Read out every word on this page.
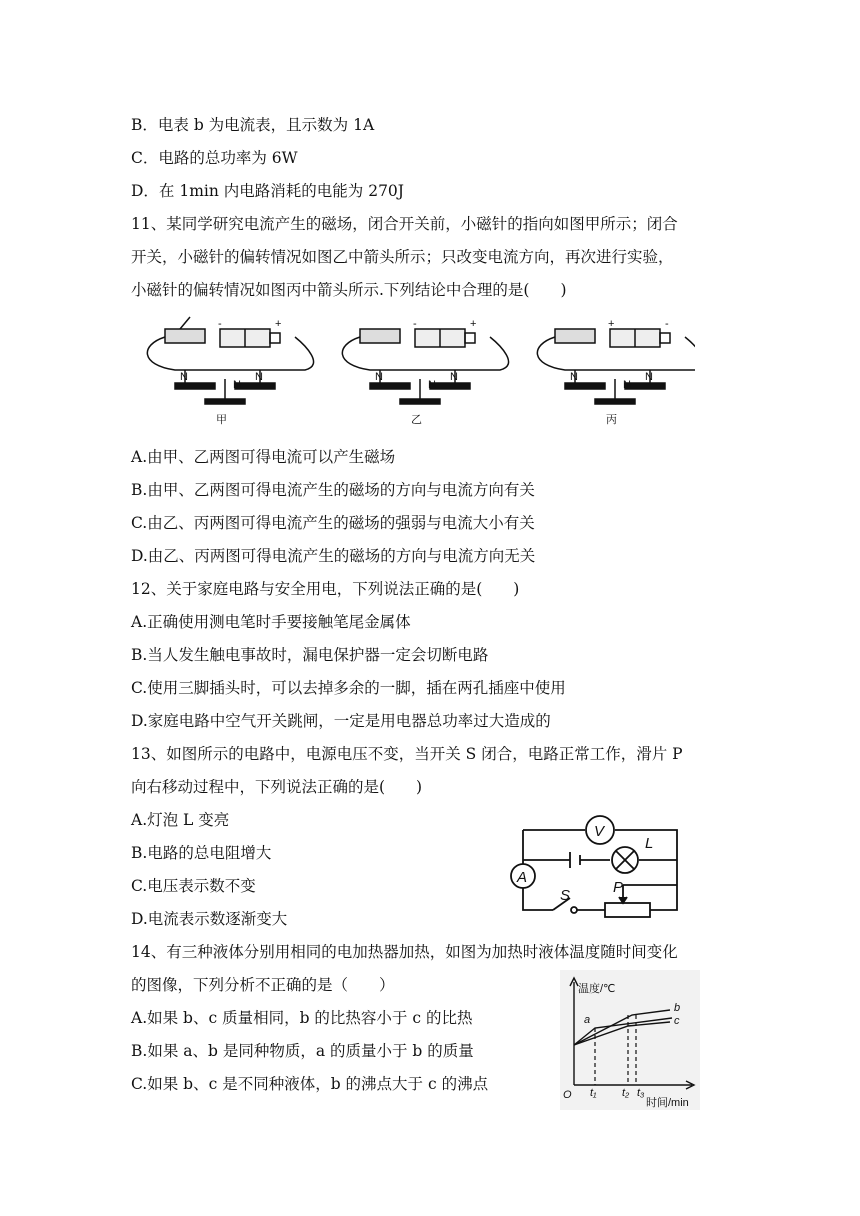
B．电表 b 为电流表，且示数为 1A
C．电路的总功率为 6W
D．在 1min 内电路消耗的电能为 270J
11、某同学研究电流产生的磁场，闭合开关前，小磁针的指向如图甲所示；闭合
开关，小磁针的偏转情况如图乙中箭头所示；只改变电流方向，再次进行实验，
小磁针的偏转情况如图丙中箭头所示.下列结论中合理的是(　　)
-	+
N	N
N
-	+
N	N
N
+	-
N	N
N
甲	乙	丙
A.由甲、乙两图可得电流可以产生磁场
B.由甲、乙两图可得电流产生的磁场的方向与电流方向有关
C.由乙、丙两图可得电流产生的磁场的强弱与电流大小有关
D.由乙、丙两图可得电流产生的磁场的方向与电流方向无关
12、关于家庭电路与安全用电，下列说法正确的是(　　)
A.正确使用测电笔时手要接触笔尾金属体
B.当人发生触电事故时，漏电保护器一定会切断电路
C.使用三脚插头时，可以去掉多余的一脚，插在两孔插座中使用
D.家庭电路中空气开关跳闸，一定是用电器总功率过大造成的
13、如图所示的电路中，电源电压不变，当开关 S 闭合，电路正常工作，滑片 P
向右移动过程中，下列说法正确的是(　　)
A.灯泡 L 变亮
B.电路的总电阻增大
C.电压表示数不变
D.电流表示数逐渐变大
V
A
L
S	P
14、有三种液体分别用相同的电加热器加热，如图为加热时液体温度随时间变化
的图像，下列分析不正确的是（　　）
A.如果 b、c 质量相同，b 的比热容小于 c 的比热
B.如果 a、b 是同种物质，a 的质量小于 b 的质量
C.如果 b、c 是不同种液体，b 的沸点大于 c 的沸点
温度/℃
O
a
b
c
t₁ t₂ t₃
时间/min
